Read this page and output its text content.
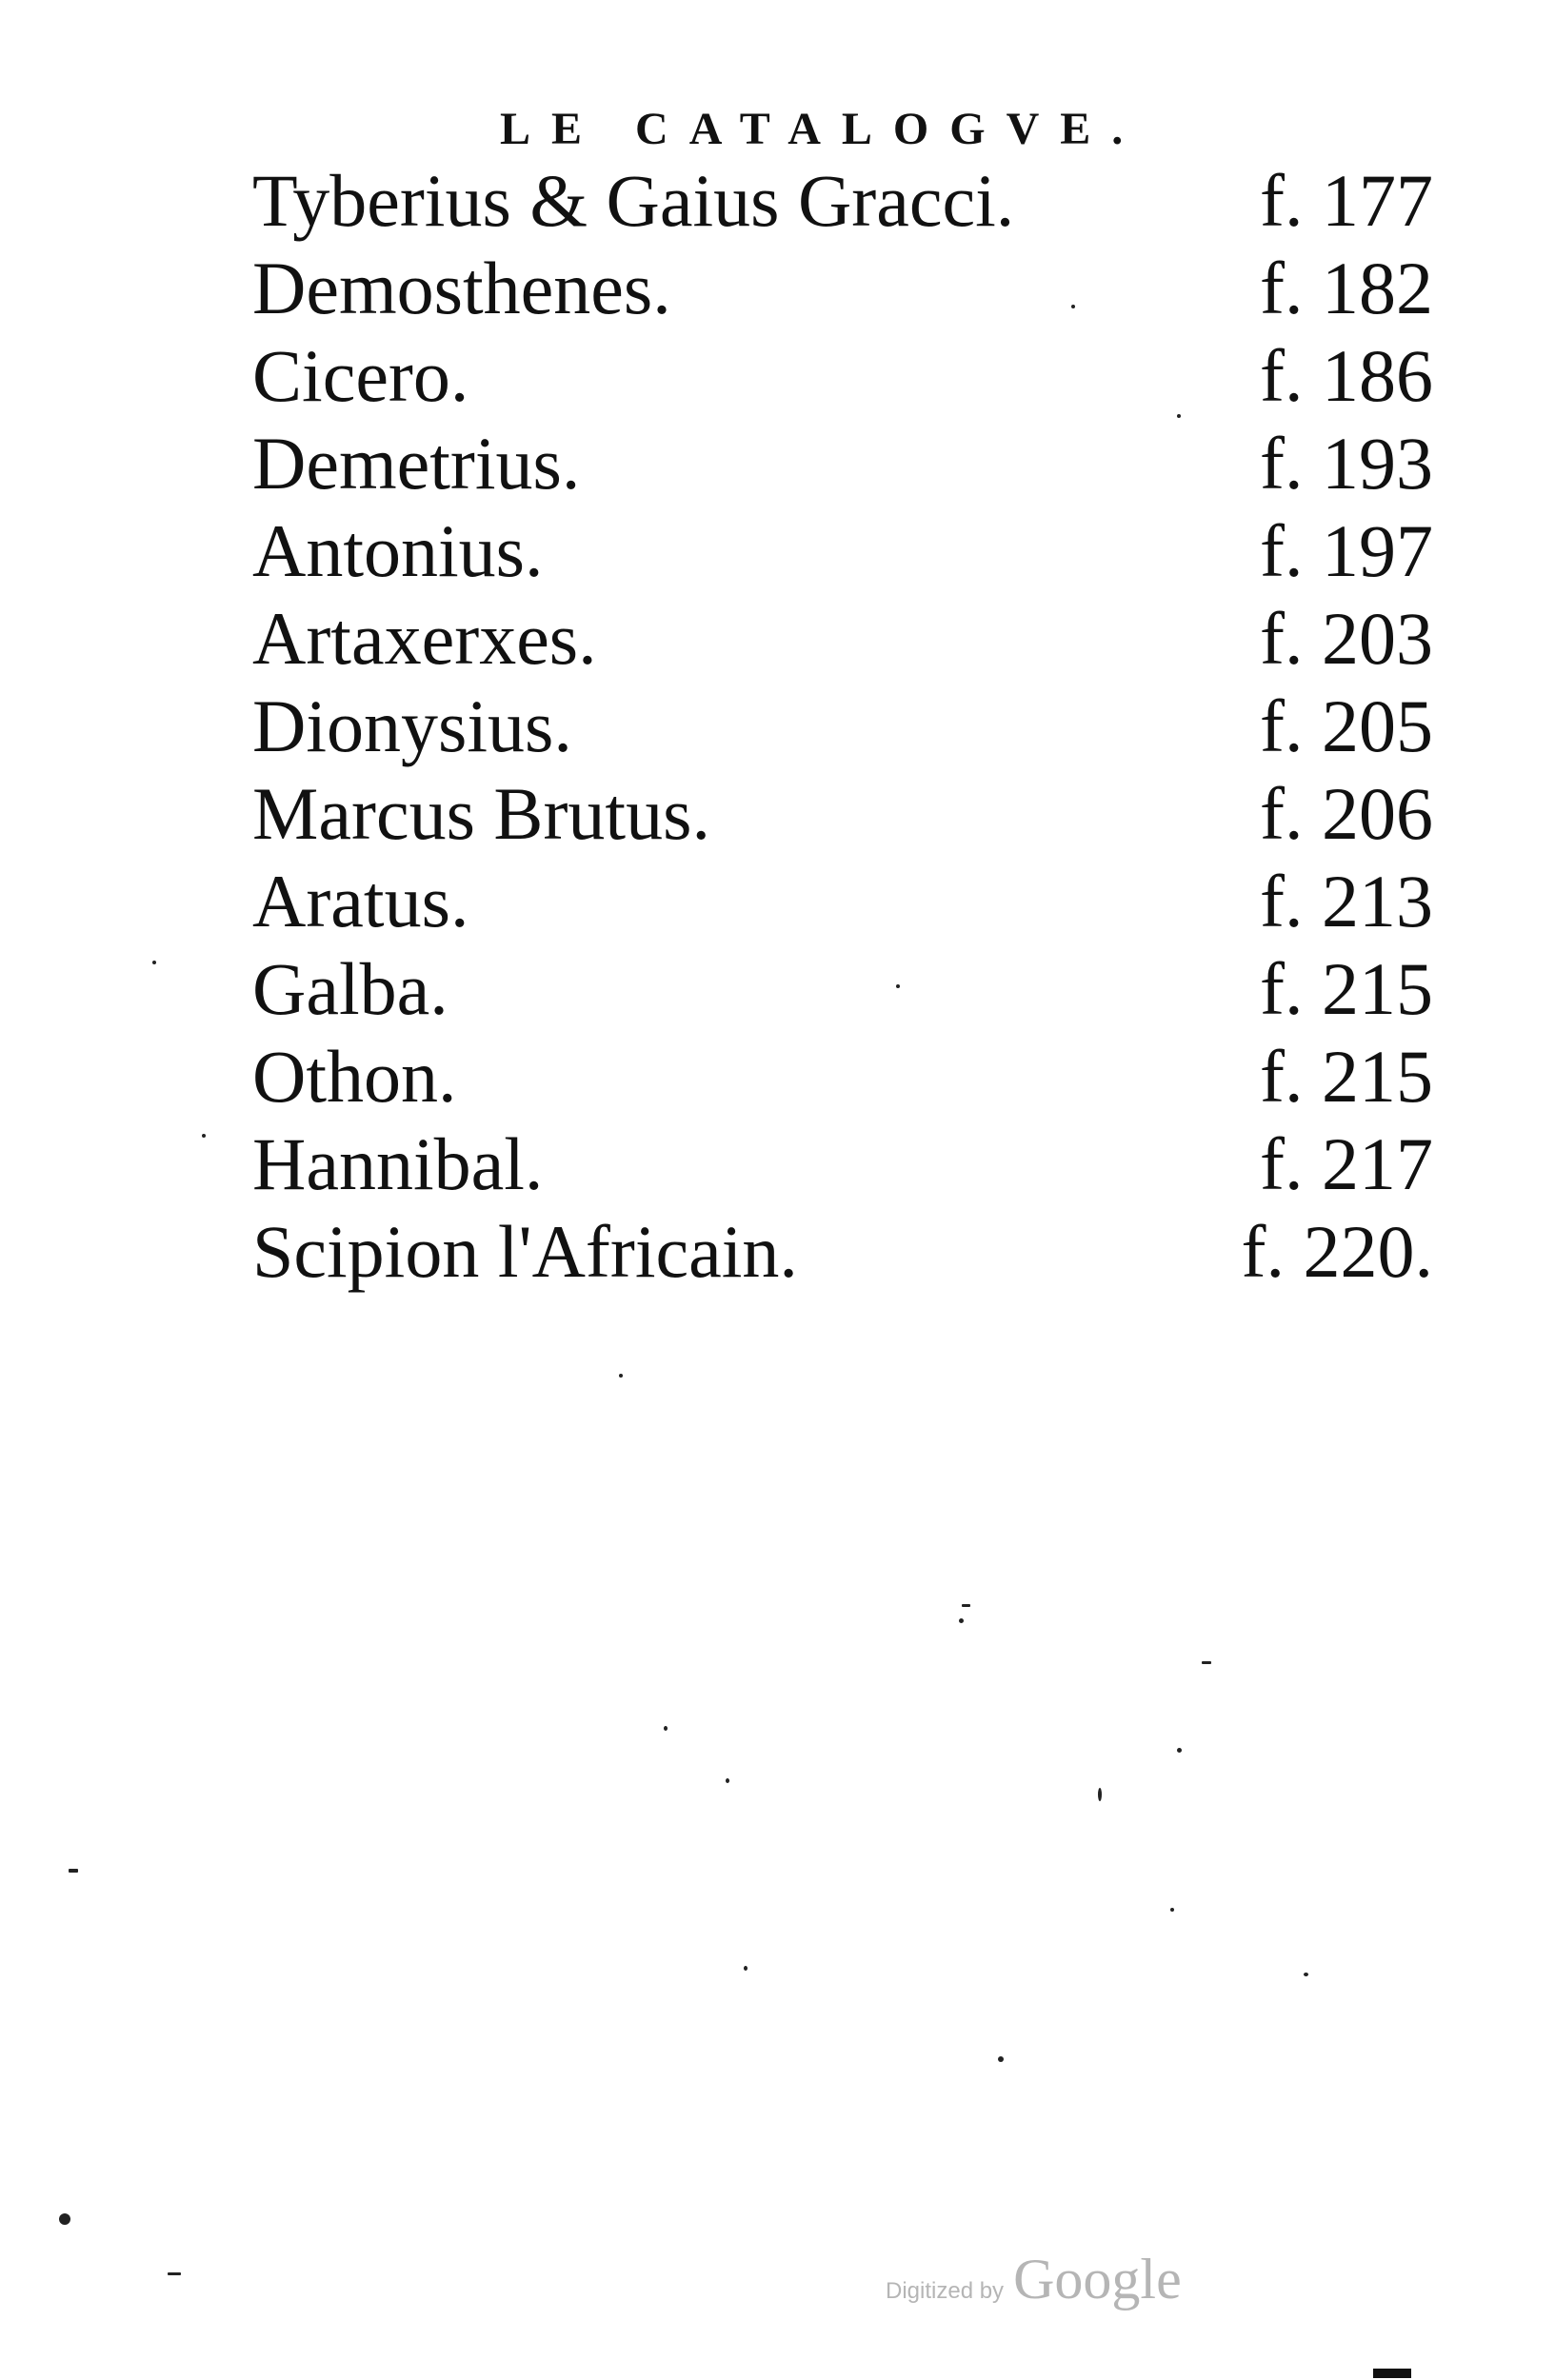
LE CATALOGVE.
Tyberius & Gaius Gracci.	f. 177
Demosthenes.	f. 182
Cicero.	f. 186
Demetrius.	f. 193
Antonius.	f. 197
Artaxerxes.	f. 203
Dionysius.	f. 205
Marcus Brutus.	f. 206
Aratus.	f. 213
Galba.	f. 215
Othon.	f. 215
Hannibal.	f. 217
Scipion l'Africain.	f. 220.
Digitized by Google
